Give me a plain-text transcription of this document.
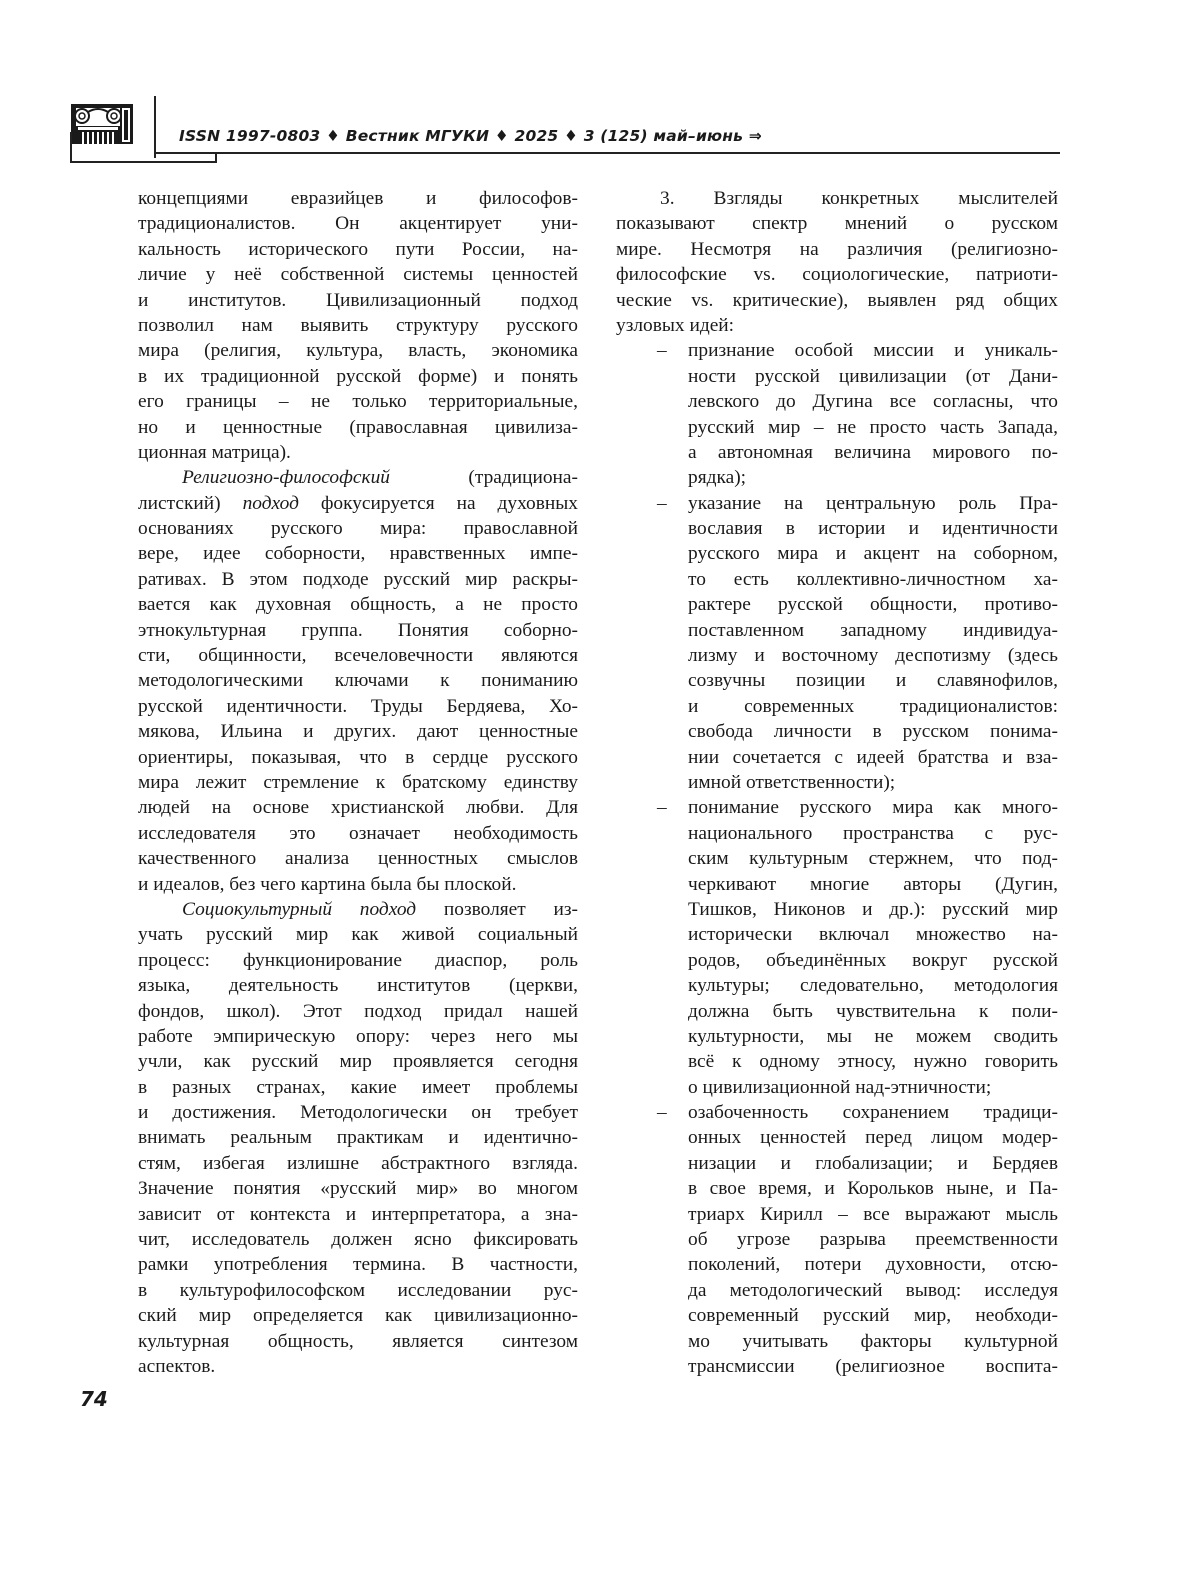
ISSN 1997-0803 ♦ Вестник МГУКИ ♦ 2025 ♦ 3 (125) май–июнь ⇒
концепциями евразийцев и философов-
традиционалистов. Он акцентирует уни-
кальность исторического пути России, на-
личие у неё собственной системы ценностей
и институтов. Цивилизационный подход
позволил нам выявить структуру русского
мира (религия, культура, власть, экономика
в их традиционной русской форме) и понять
его границы – не только территориальные,
но и ценностные (православная цивилиза-
ционная матрица).
Религиозно-философский (традициона-
листский) подход фокусируется на духовных
основаниях русского мира: православной
вере, идее соборности, нравственных импе-
ративах. В этом подходе русский мир раскры-
вается как духовная общность, а не просто
этнокультурная группа. Понятия соборно-
сти, общинности, всечеловечности являются
методологическими ключами к пониманию
русской идентичности. Труды Бердяева, Хо-
мякова, Ильина и других. дают ценностные
ориентиры, показывая, что в сердце русского
мира лежит стремление к братскому единству
людей на основе христианской любви. Для
исследователя это означает необходимость
качественного анализа ценностных смыслов
и идеалов, без чего картина была бы плоской.
Социокультурный подход позволяет из-
учать русский мир как живой социальный
процесс: функционирование диаспор, роль
языка, деятельность институтов (церкви,
фондов, школ). Этот подход придал нашей
работе эмпирическую опору: через него мы
учли, как русский мир проявляется сегодня
в разных странах, какие имеет проблемы
и достижения. Методологически он требует
внимать реальным практикам и идентично-
стям, избегая излишне абстрактного взгляда.
Значение понятия «русский мир» во многом
зависит от контекста и интерпретатора, а зна-
чит, исследователь должен ясно фиксировать
рамки употребления термина. В частности,
в культурофилософском исследовании рус-
ский мир определяется как цивилизационно-
культурная общность, является синтезом
аспектов.
3. Взгляды конкретных мыслителей
показывают спектр мнений о русском
мире. Несмотря на различия (религиозно-
философские vs. социологические, патриоти-
ческие vs. критические), выявлен ряд общих
узловых идей:
– признание особой миссии и уникаль-
ности русской цивилизации (от Дани-
левского до Дугина все согласны, что
русский мир – не просто часть Запада,
а автономная величина мирового по-
рядка);
– указание на центральную роль Пра-
вославия в истории и идентичности
русского мира и акцент на соборном,
то есть коллективно-личностном ха-
рактере русской общности, противо-
поставленном западному индивидуа-
лизму и восточному деспотизму (здесь
созвучны позиции и славянофилов,
и современных традиционалистов:
свобода личности в русском понима-
нии сочетается с идеей братства и вза-
имной ответственности);
– понимание русского мира как много-
национального пространства с рус-
ским культурным стержнем, что под-
черкивают многие авторы (Дугин,
Тишков, Никонов и др.): русский мир
исторически включал множество на-
родов, объединённых вокруг русской
культуры; следовательно, методология
должна быть чувствительна к поли-
культурности, мы не можем сводить
всё к одному этносу, нужно говорить
о цивилизационной над-этничности;
– озабоченность сохранением традици-
онных ценностей перед лицом модер-
низации и глобализации; и Бердяев
в свое время, и Корольков ныне, и Па-
триарх Кирилл – все выражают мысль
об угрозе разрыва преемственности
поколений, потери духовности, отсю-
да методологический вывод: исследуя
современный русский мир, необходи-
мо учитывать факторы культурной
трансмиссии (религиозное воспита-
74
